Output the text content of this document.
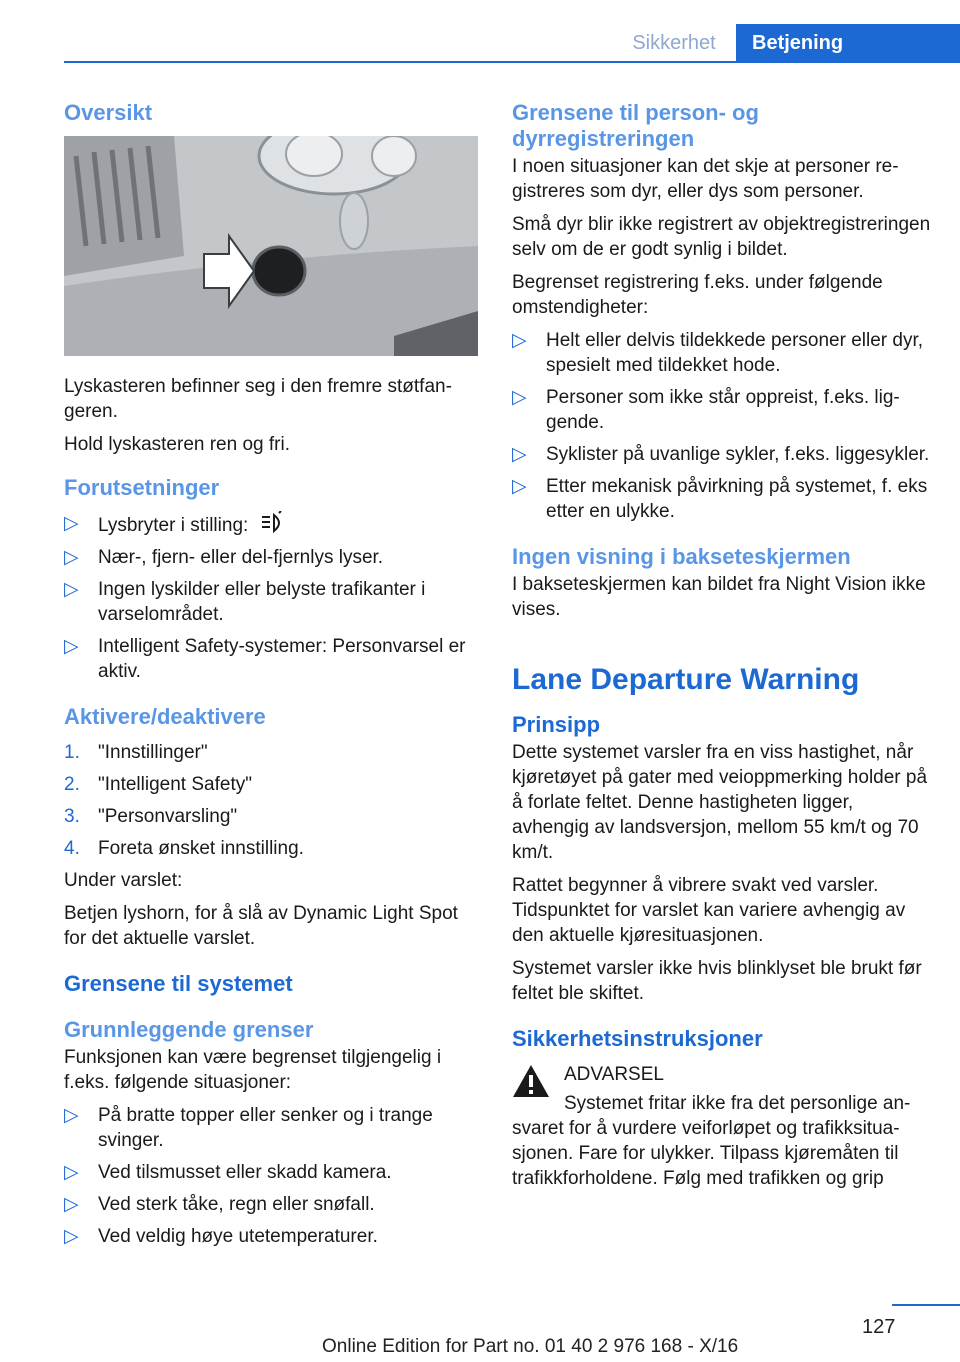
Sikkerhet	Betjening
Oversikt

Lyskasteren befinner seg i den fremre støtfangeren.

Hold lyskasteren ren og fri.

Forutsetninger
▷ Lysbryter i stilling:
▷ Nær-, fjern- eller del-fjernlys lyser.
▷ Ingen lyskilder eller belyste trafikanter i varselområdet.
▷ Intelligent Safety-systemer: Personvarsel er aktiv.
Aktivere/deaktivere
1. "Innstillinger"
2. "Intelligent Safety"
3. "Personvarsling"
4. Foreta ønsket innstilling.

Under varslet:

Betjen lyshorn, for å slå av Dynamic Light Spot for det aktuelle varslet.

Grensene til systemet
Grunnleggende grenser

Funksjonen kan være begrenset tilgjengelig i f.eks. følgende situasjoner:

▷ På bratte topper eller senker og i trange svinger.
▷ Ved tilsmusset eller skadd kamera.
▷ Ved sterk tåke, regn eller snøfall.
▷ Ved veldig høye utetemperaturer.
Grensene til person- og dyrregistreringen

I noen situasjoner kan det skje at personer registreres som dyr, eller dys som personer.

Små dyr blir ikke registrert av objektregistreringen selv om de er godt synlig i bildet.

Begrenset registrering f.eks. under følgende omstendigheter:

▷ Helt eller delvis tildekkede personer eller dyr, spesielt med tildekket hode.
▷ Personer som ikke står oppreist, f.eks. liggende.
▷ Syklister på uvanlige sykler, f.eks. liggesykler.
▷ Etter mekanisk påvirkning på systemet, f. eks etter en ulykke.
Ingen visning i bakseteskjermen

I bakseteskjermen kan bildet fra Night Vision ikke vises.

Lane Departure Warning
Prinsipp

Dette systemet varsler fra en viss hastighet, når kjøretøyet på gater med veioppmerking holder på å forlate feltet. Denne hastigheten ligger, avhengig av landsversjon, mellom 55 km/t og 70 km/t.

Rattet begynner å vibrere svakt ved varsler. Tidspunktet for varslet kan variere avhengig av den aktuelle kjøresituasjonen.

Systemet varsler ikke hvis blinklyset ble brukt før feltet ble skiftet.

Sikkerhetsinstruksjoner

ADVARSEL

Systemet fritar ikke fra det personlige ansvaret for å vurdere veiforløpet og trafikksituasjonen. Fare for ulykker. Tilpass kjøremåten til trafikkforholdene. Følg med trafikken og grip

127
Online Edition for Part no. 01 40 2 976 168 - X/16
